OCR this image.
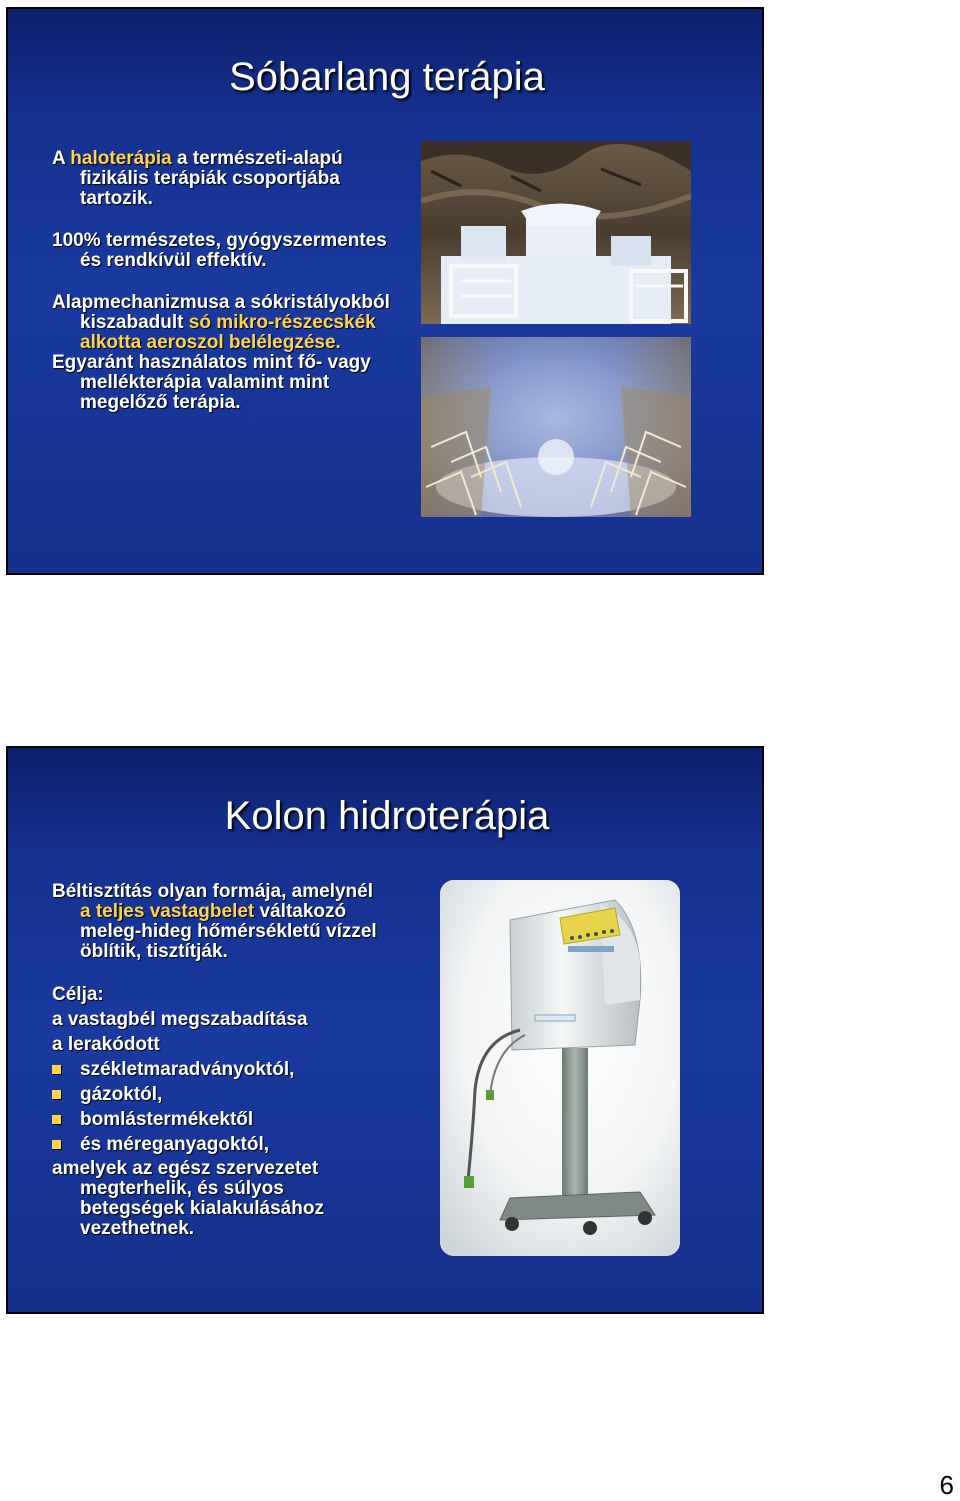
Sóbarlang terápia

A haloterápia a természeti-alapú fizikális terápiák csoportjába tartozik.

100% természetes, gyógyszermentes és rendkívül effektív.

Alapmechanizmusa a sókristályokból kiszabadult só mikro-részecskék alkotta aeroszol belélegzése.

Egyaránt használatos mint fő- vagy mellékterápia valamint mint megelőző terápia.

Kolon hidroterápia

Béltisztítás olyan formája, amelynél a teljes vastagbelet váltakozó meleg-hideg hőmérsékletű vízzel öblítik, tisztítják.

Célja:
a vastagbél megszabadítása
a lerakódott
székletmaradványoktól,
gázoktól,
bomlástermékektől
és méreganyagoktól,

amelyek az egész szervezetet megterhelik, és súlyos betegségek kialakulásához vezethetnek.

6
